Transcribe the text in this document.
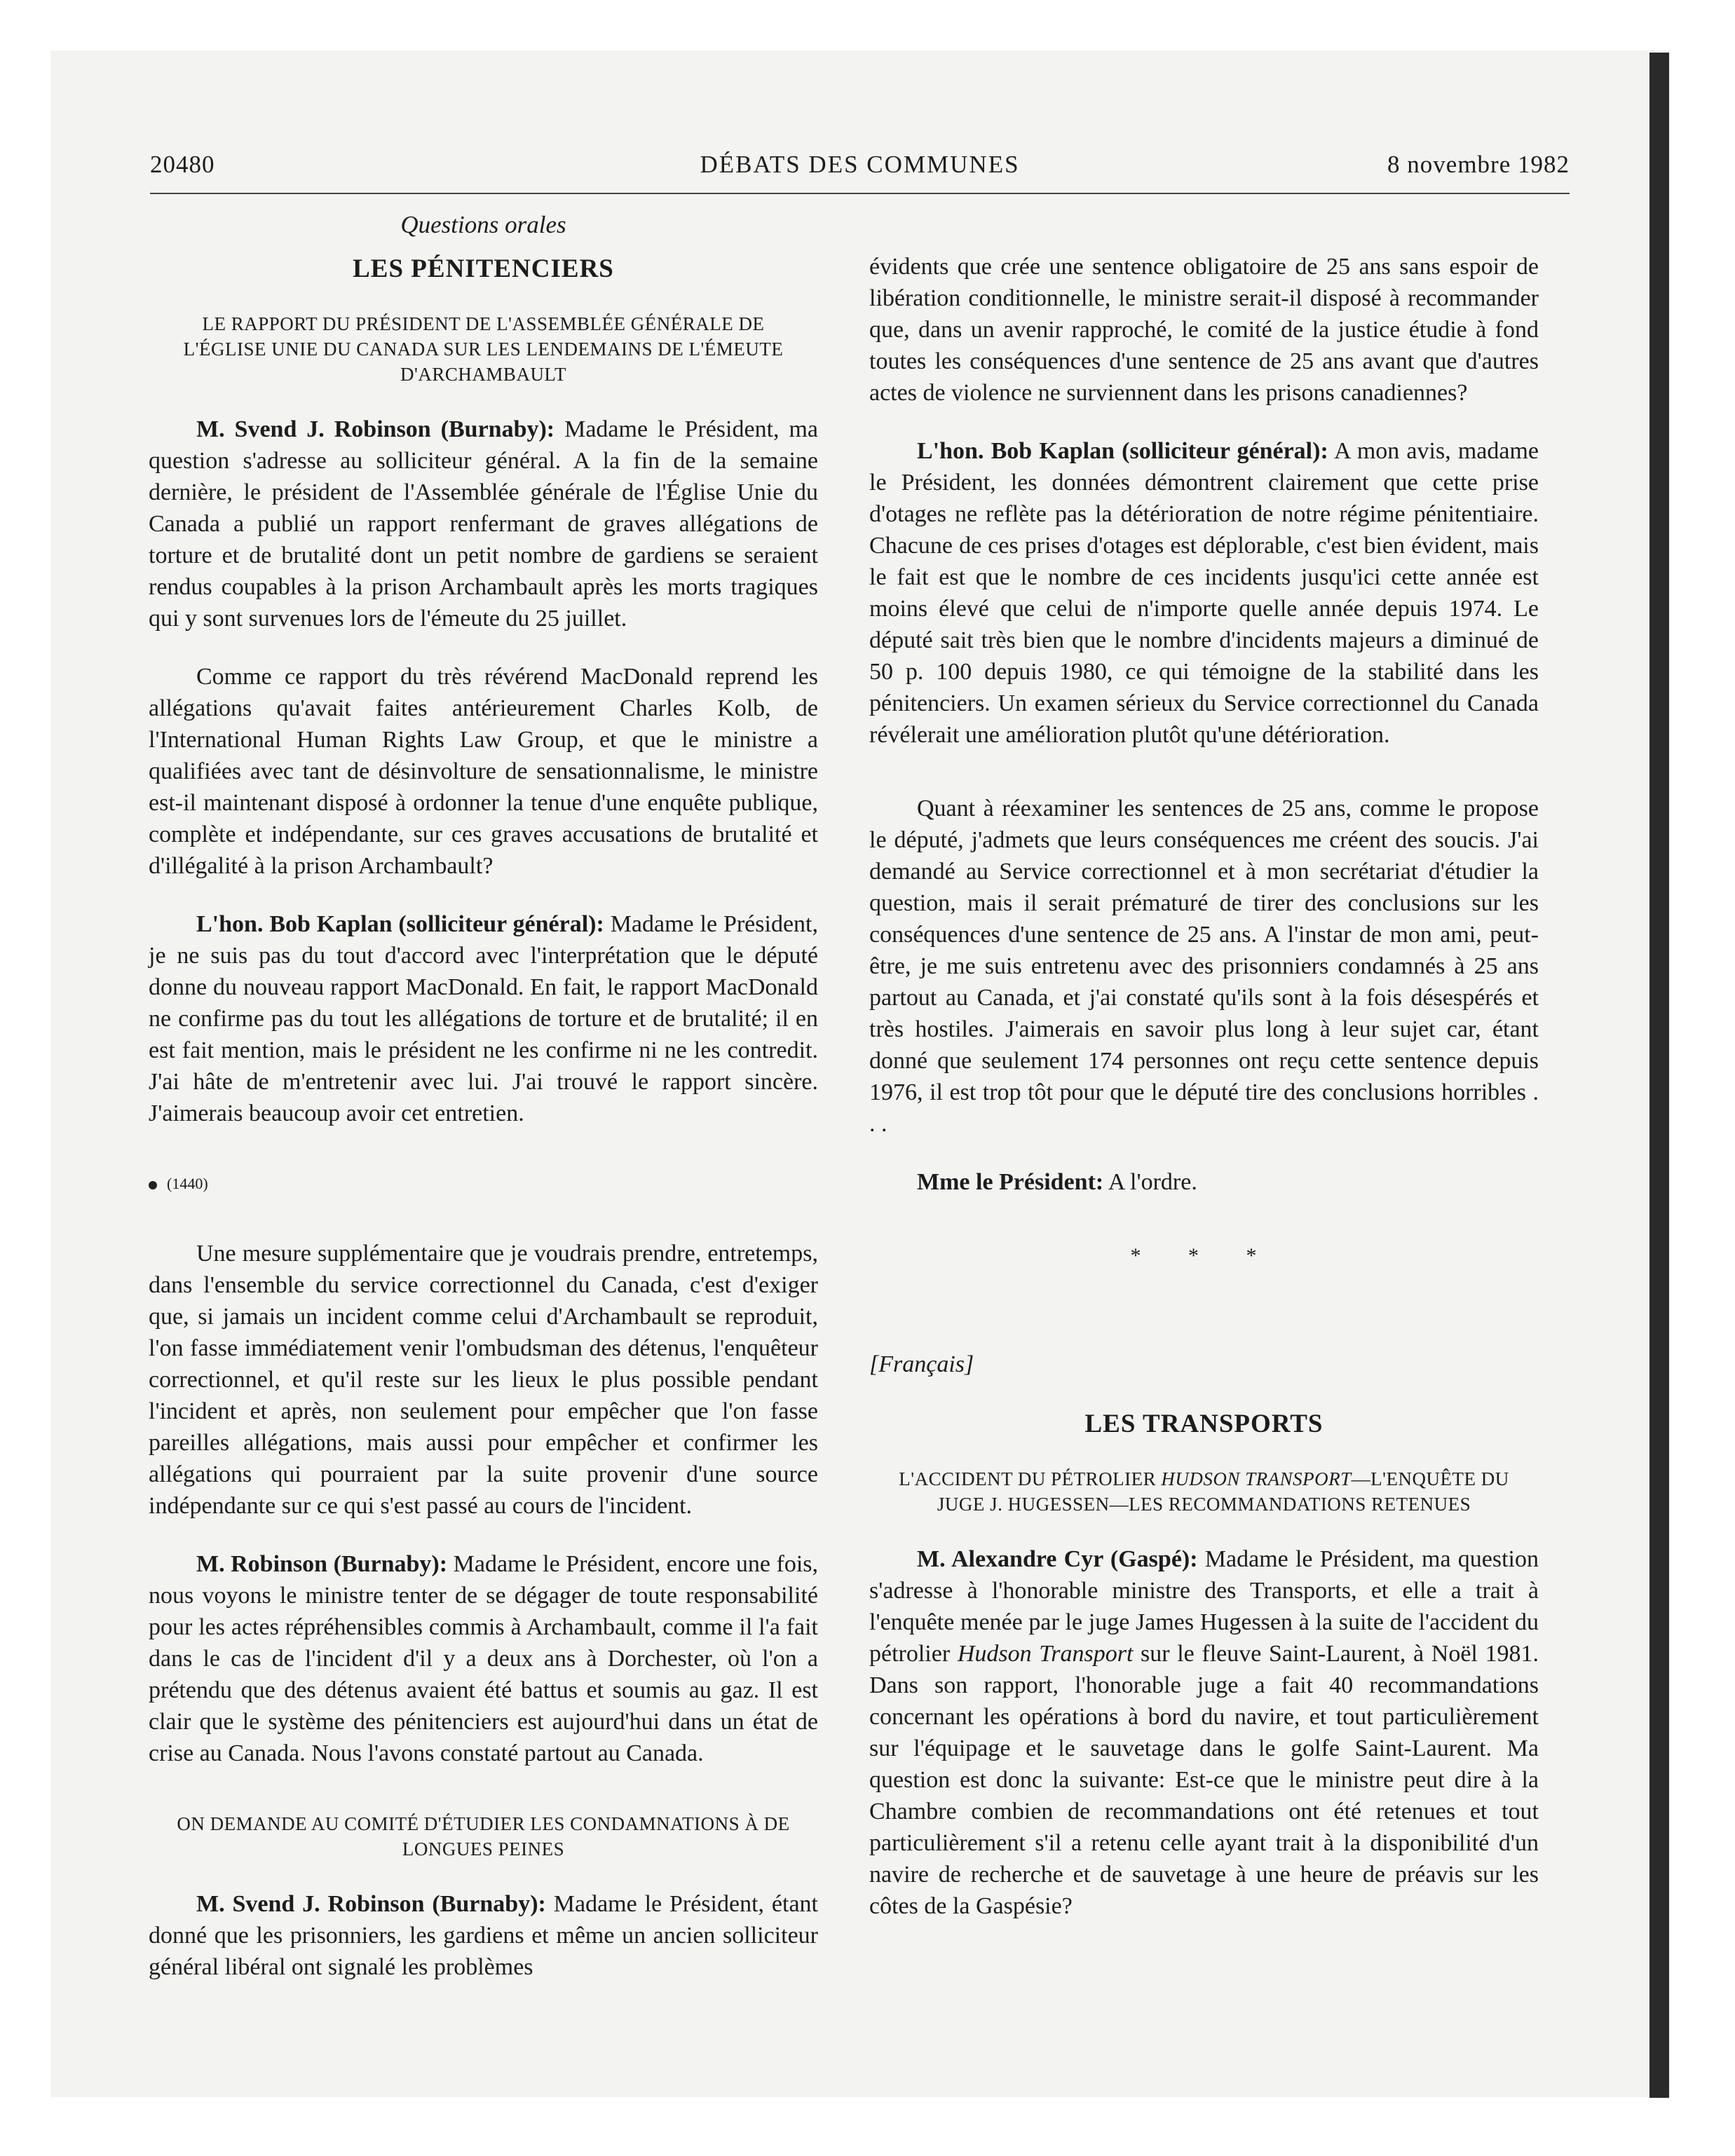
20480	DÉBATS DES COMMUNES	8 novembre 1982

Questions orales

LES PÉNITENCIERS

LE RAPPORT DU PRÉSIDENT DE L'ASSEMBLÉE GÉNÉRALE DE L'ÉGLISE UNIE DU CANADA SUR LES LENDEMAINS DE L'ÉMEUTE D'ARCHAMBAULT

M. Svend J. Robinson (Burnaby): Madame le Président, ma question s'adresse au solliciteur général. A la fin de la semaine dernière, le président de l'Assemblée générale de l'Église Unie du Canada a publié un rapport renfermant de graves allégations de torture et de brutalité dont un petit nombre de gardiens se seraient rendus coupables à la prison Archambault après les morts tragiques qui y sont survenues lors de l'émeute du 25 juillet.

Comme ce rapport du très révérend MacDonald reprend les allégations qu'avait faites antérieurement Charles Kolb, de l'International Human Rights Law Group, et que le ministre a qualifiées avec tant de désinvolture de sensationnalisme, le ministre est-il maintenant disposé à ordonner la tenue d'une enquête publique, complète et indépendante, sur ces graves accusations de brutalité et d'illégalité à la prison Archambault?

L'hon. Bob Kaplan (solliciteur général): Madame le Président, je ne suis pas du tout d'accord avec l'interprétation que le député donne du nouveau rapport MacDonald. En fait, le rapport MacDonald ne confirme pas du tout les allégations de torture et de brutalité; il en est fait mention, mais le président ne les confirme ni ne les contredit. J'ai hâte de m'entretenir avec lui. J'ai trouvé le rapport sincère. J'aimerais beaucoup avoir cet entretien.

(1440)

Une mesure supplémentaire que je voudrais prendre, entretemps, dans l'ensemble du service correctionnel du Canada, c'est d'exiger que, si jamais un incident comme celui d'Archambault se reproduit, l'on fasse immédiatement venir l'ombudsman des détenus, l'enquêteur correctionnel, et qu'il reste sur les lieux le plus possible pendant l'incident et après, non seulement pour empêcher que l'on fasse pareilles allégations, mais aussi pour empêcher et confirmer les allégations qui pourraient par la suite provenir d'une source indépendante sur ce qui s'est passé au cours de l'incident.

M. Robinson (Burnaby): Madame le Président, encore une fois, nous voyons le ministre tenter de se dégager de toute responsabilité pour les actes répréhensibles commis à Archambault, comme il l'a fait dans le cas de l'incident d'il y a deux ans à Dorchester, où l'on a prétendu que des détenus avaient été battus et soumis au gaz. Il est clair que le système des pénitenciers est aujourd'hui dans un état de crise au Canada. Nous l'avons constaté partout au Canada.

ON DEMANDE AU COMITÉ D'ÉTUDIER LES CONDAMNATIONS À DE LONGUES PEINES

M. Svend J. Robinson (Burnaby): Madame le Président, étant donné que les prisonniers, les gardiens et même un ancien solliciteur général libéral ont signalé les problèmes

évidents que crée une sentence obligatoire de 25 ans sans espoir de libération conditionnelle, le ministre serait-il disposé à recommander que, dans un avenir rapproché, le comité de la justice étudie à fond toutes les conséquences d'une sentence de 25 ans avant que d'autres actes de violence ne surviennent dans les prisons canadiennes?

L'hon. Bob Kaplan (solliciteur général): A mon avis, madame le Président, les données démontrent clairement que cette prise d'otages ne reflète pas la détérioration de notre régime pénitentiaire. Chacune de ces prises d'otages est déplorable, c'est bien évident, mais le fait est que le nombre de ces incidents jusqu'ici cette année est moins élevé que celui de n'importe quelle année depuis 1974. Le député sait très bien que le nombre d'incidents majeurs a diminué de 50 p. 100 depuis 1980, ce qui témoigne de la stabilité dans les pénitenciers. Un examen sérieux du Service correctionnel du Canada révélerait une amélioration plutôt qu'une détérioration.

Quant à réexaminer les sentences de 25 ans, comme le propose le député, j'admets que leurs conséquences me créent des soucis. J'ai demandé au Service correctionnel et à mon secrétariat d'étudier la question, mais il serait prématuré de tirer des conclusions sur les conséquences d'une sentence de 25 ans. A l'instar de mon ami, peut-être, je me suis entretenu avec des prisonniers condamnés à 25 ans partout au Canada, et j'ai constaté qu'ils sont à la fois désespérés et très hostiles. J'aimerais en savoir plus long à leur sujet car, étant donné que seulement 174 personnes ont reçu cette sentence depuis 1976, il est trop tôt pour que le député tire des conclusions horribles . . .

Mme le Président: A l'ordre.

* * *

[Français]

LES TRANSPORTS

L'ACCIDENT DU PÉTROLIER HUDSON TRANSPORT—L'ENQUÊTE DU JUGE J. HUGESSEN—LES RECOMMANDATIONS RETENUES

M. Alexandre Cyr (Gaspé): Madame le Président, ma question s'adresse à l'honorable ministre des Transports, et elle a trait à l'enquête menée par le juge James Hugessen à la suite de l'accident du pétrolier Hudson Transport sur le fleuve Saint-Laurent, à Noël 1981. Dans son rapport, l'honorable juge a fait 40 recommandations concernant les opérations à bord du navire, et tout particulièrement sur l'équipage et le sauvetage dans le golfe Saint-Laurent. Ma question est donc la suivante: Est-ce que le ministre peut dire à la Chambre combien de recommandations ont été retenues et tout particulièrement s'il a retenu celle ayant trait à la disponibilité d'un navire de recherche et de sauvetage à une heure de préavis sur les côtes de la Gaspésie?
